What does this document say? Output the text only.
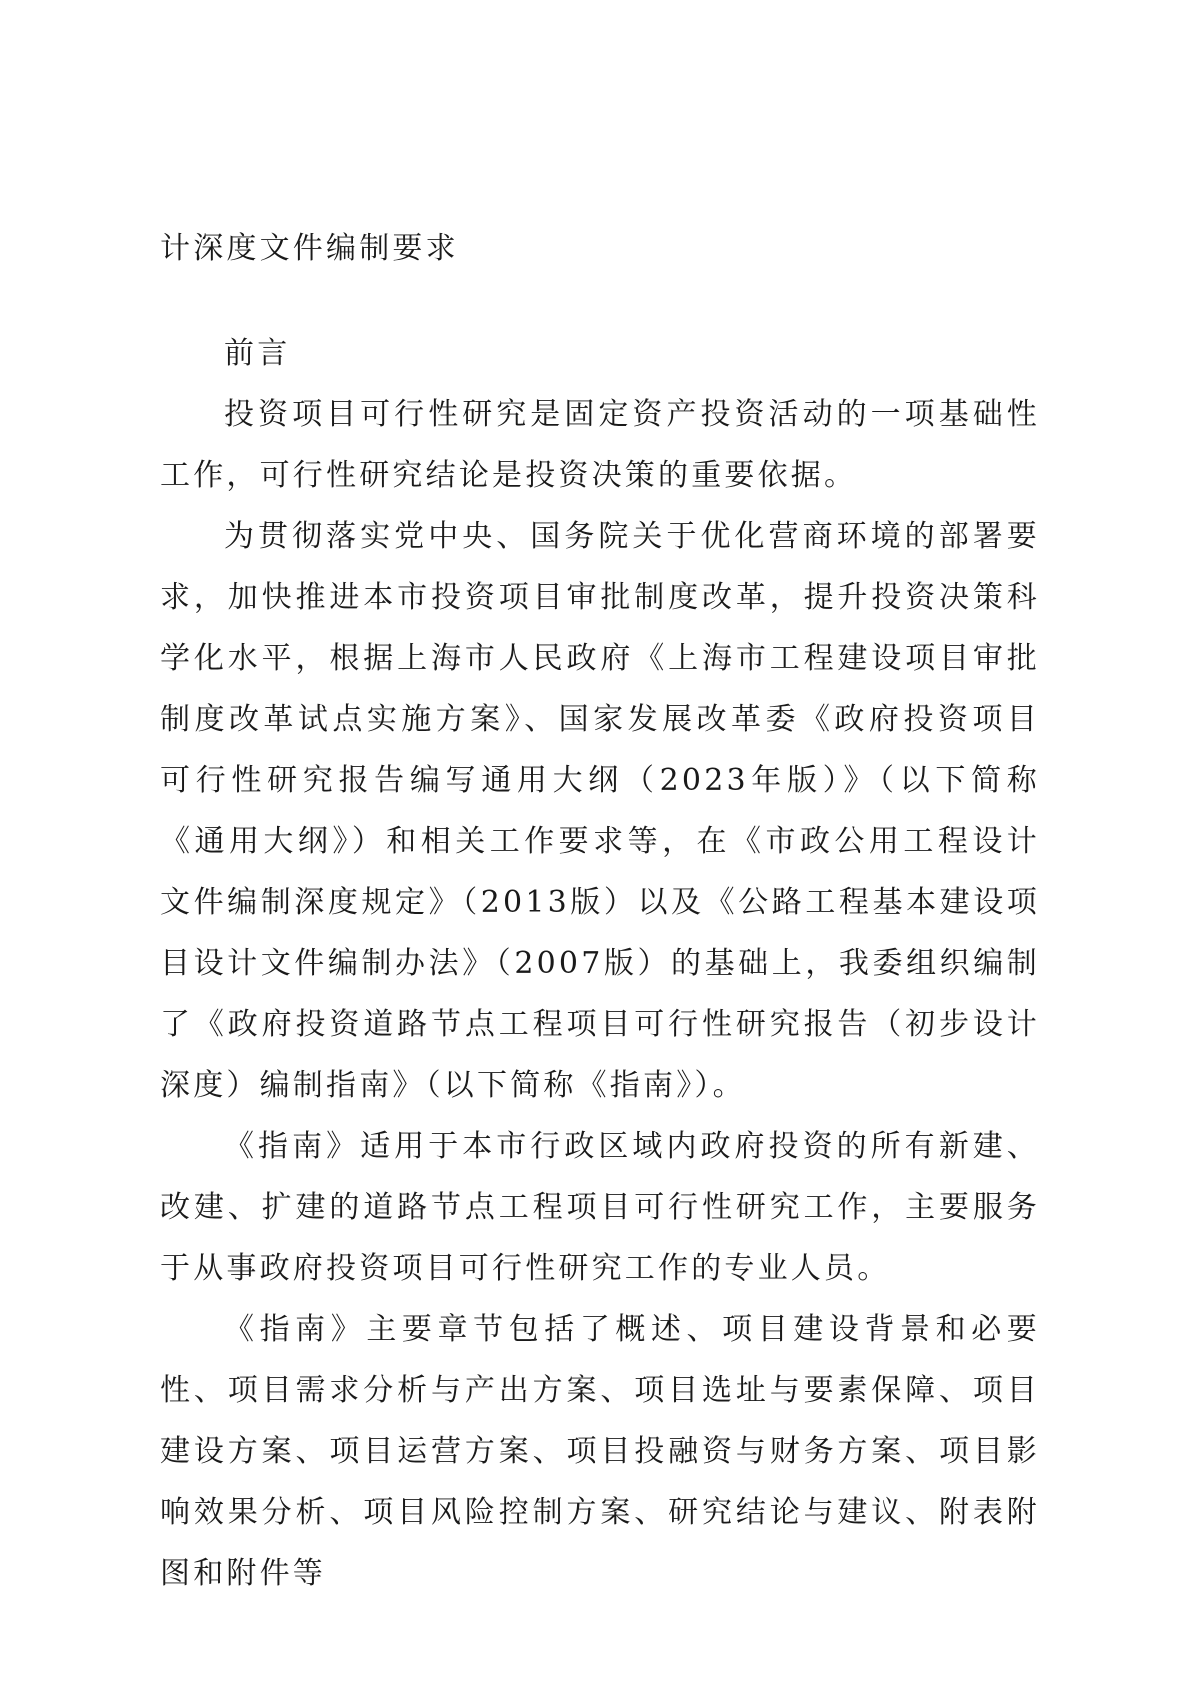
计深度文件编制要求

前言

投资项目可行性研究是固定资产投资活动的一项基础性工作，可行性研究结论是投资决策的重要依据。

为贯彻落实党中央、国务院关于优化营商环境的部署要求，加快推进本市投资项目审批制度改革，提升投资决策科学化水平，根据上海市人民政府《上海市工程建设项目审批制度改革试点实施方案》、国家发展改革委《政府投资项目可行性研究报告编写通用大纲（2023年版）》（以下简称《通用大纲》）和相关工作要求等，在《市政公用工程设计文件编制深度规定》（2013版）以及《公路工程基本建设项目设计文件编制办法》（2007版）的基础上，我委组织编制了《政府投资道路节点工程项目可行性研究报告（初步设计深度）编制指南》（以下简称《指南》）。

《指南》适用于本市行政区域内政府投资的所有新建、改建、扩建的道路节点工程项目可行性研究工作，主要服务于从事政府投资项目可行性研究工作的专业人员。

《指南》主要章节包括了概述、项目建设背景和必要性、项目需求分析与产出方案、项目选址与要素保障、项目建设方案、项目运营方案、项目投融资与财务方案、项目影响效果分析、项目风险控制方案、研究结论与建议、附表附图和附件等
